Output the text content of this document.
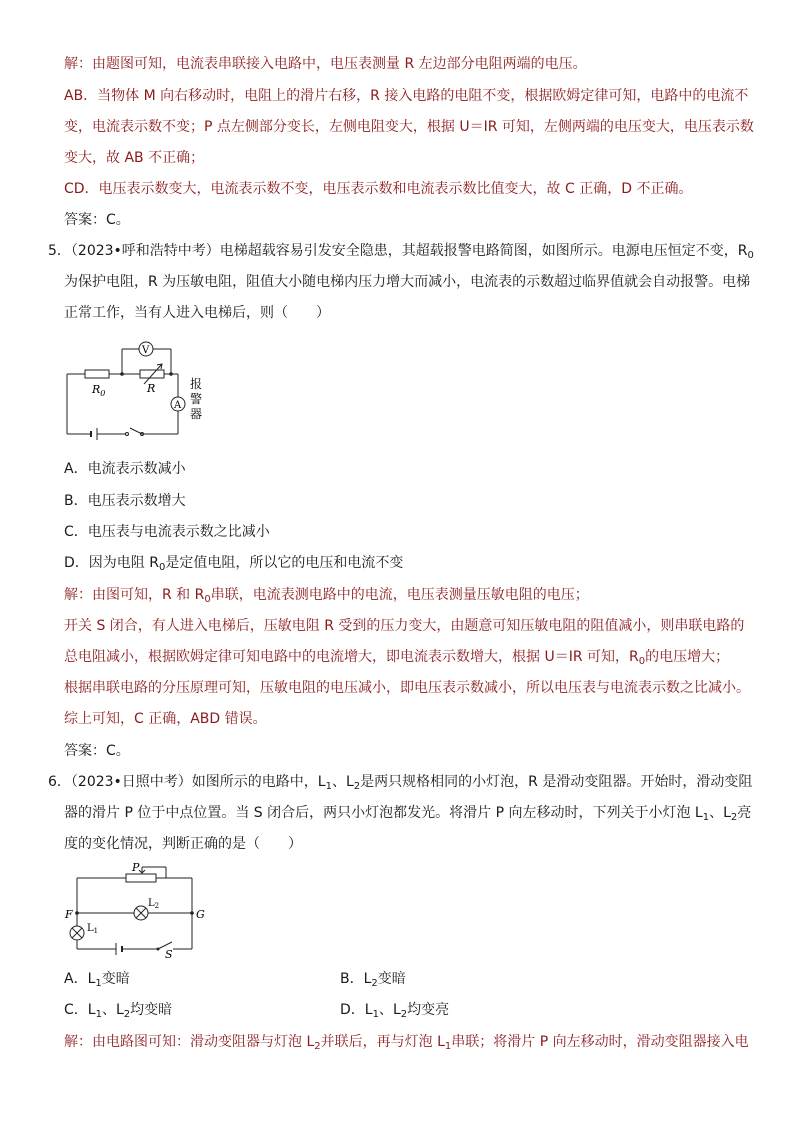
解：由题图可知，电流表串联接入电路中，电压表测量 R 左边部分电阻两端的电压。
AB．当物体 M 向右移动时，电阻上的滑片右移，R 接入电路的电阻不变，根据欧姆定律可知，电路中的电流不
变，电流表示数不变；P 点左侧部分变长，左侧电阻变大，根据 U＝IR 可知，左侧两端的电压变大，电压表示数
变大，故 AB 不正确；
CD．电压表示数变大，电流表示数不变，电压表示数和电流表示数比值变大，故 C 正确，D 不正确。
答案：C。
5．（2023•呼和浩特中考）电梯超载容易引发安全隐患，其超载报警电路简图，如图所示。电源电压恒定不变，$R_0$
为保护电阻，R 为压敏电阻，阻值大小随电梯内压力增大而减小，电流表的示数超过临界值就会自动报警。电梯
正常工作，当有人进入电梯后，则（　　）
$R_0$	R
V
A
报
警
器
A．电流表示数减小
B．电压表示数增大
C．电压表与电流表示数之比减小
D．因为电阻 $R_0$是定值电阻，所以它的电压和电流不变
解：由图可知，R 和 $R_0$串联，电流表测电路中的电流，电压表测量压敏电阻的电压；
开关 S 闭合，有人进入电梯后，压敏电阻 R 受到的压力变大，由题意可知压敏电阻的阻值减小，则串联电路的
总电阻减小，根据欧姆定律可知电路中的电流增大，即电流表示数增大，根据 U＝IR 可知，$R_0$的电压增大；
根据串联电路的分压原理可知，压敏电阻的电压减小，即电压表示数减小，所以电压表与电流表示数之比减小。
综上可知，C 正确，ABD 错误。
答案：C。
6．（2023•日照中考）如图所示的电路中，$L_1$、$L_2$是两只规格相同的小灯泡，R 是滑动变阻器。开始时，滑动变阻
器的滑片 P 位于中点位置。当 S 闭合后，两只小灯泡都发光。将滑片 P 向左移动时，下列关于小灯泡 $L_1$、$L_2$亮
度的变化情况，判断正确的是（　　）
P
F	G
$L_2$
$L_1$
S
A．$L_1$变暗	B．$L_2$变暗
C．$L_1$、$L_2$均变暗	D．$L_1$、$L_2$均变亮
解：由电路图可知：滑动变阻器与灯泡 $L_2$并联后，再与灯泡 $L_1$串联；将滑片 P 向左移动时，滑动变阻器接入电
